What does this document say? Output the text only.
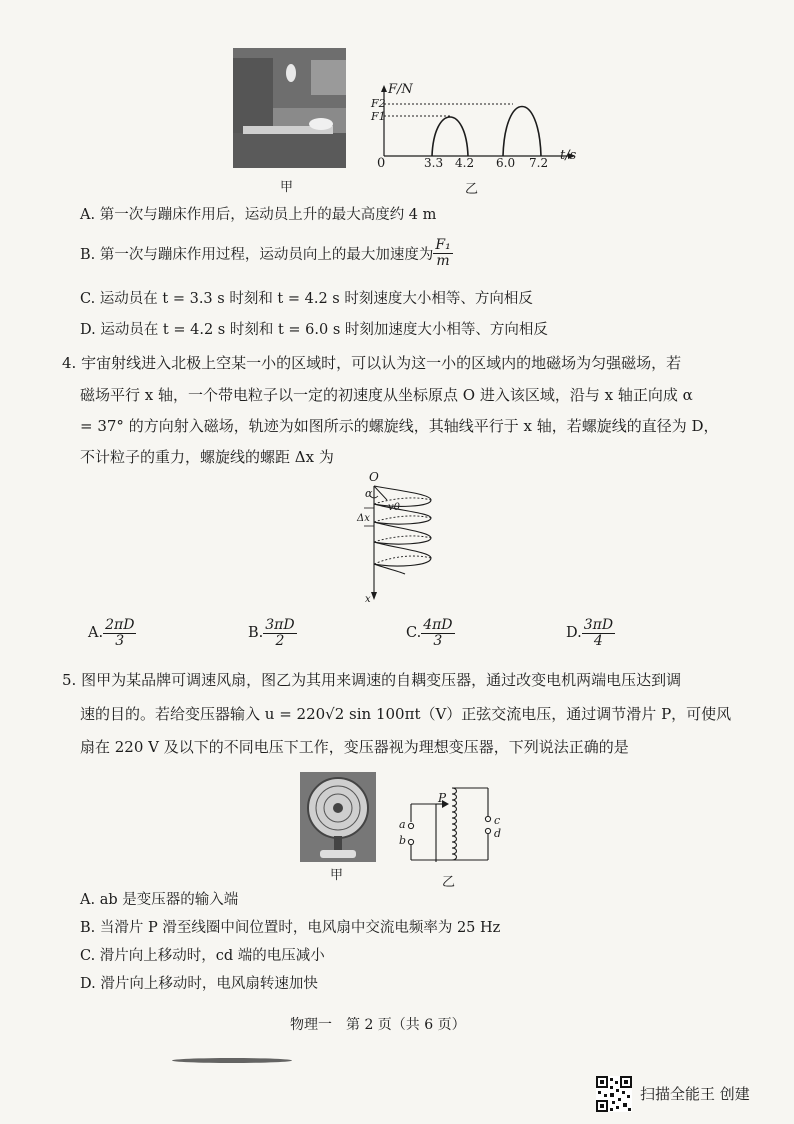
甲
F/N
t/s
0
F2
F1
3.3 4.2 6.0 7.2
乙
A. 第一次与蹦床作用后，运动员上升的最大高度约 4 m
B. 第一次与蹦床作用过程，运动员向上的最大加速度为 $\frac{\text{F₁}}{m}$
C. 运动员在 t = 3.3 s 时刻和 t = 4.2 s 时刻速度大小相等、方向相反
D. 运动员在 t = 4.2 s 时刻和 t = 6.0 s 时刻加速度大小相等、方向相反
4. 宇宙射线进入北极上空某一小的区域时，可以认为这一小的区域内的地磁场为匀强磁场，若
磁场平行 x 轴，一个带电粒子以一定的初速度从坐标原点 O 进入该区域，沿与 x 轴正向成 α
= 37° 的方向射入磁场，轨迹为如图所示的螺旋线，其轴线平行于 x 轴，若螺旋线的直径为 D，
不计粒子的重力，螺旋线的螺距 Δx 为
O
α
v0
Δx
x
A. $\frac{2\pi D}{3}$	B. $\frac{3\pi D}{2}$	C. $\frac{4\pi D}{3}$	D. $\frac{3\pi D}{4}$
5. 图甲为某品牌可调速风扇，图乙为其用来调速的自耦变压器，通过改变电机两端电压达到调
速的目的。若给变压器输入 u = 220√2 sin 100πt（V）正弦交流电压，通过调节滑片 P，可使风
扇在 220 V 及以下的不同电压下工作，变压器视为理想变压器，下列说法正确的是
甲
P
a
b
c
d
乙
A. ab 是变压器的输入端
B. 当滑片 P 滑至线圈中间位置时，电风扇中交流电频率为 25 Hz
C. 滑片向上移动时，cd 端的电压减小
D. 滑片向上移动时，电风扇转速加快
物理一　第 2 页（共 6 页）
扫描全能王 创建
